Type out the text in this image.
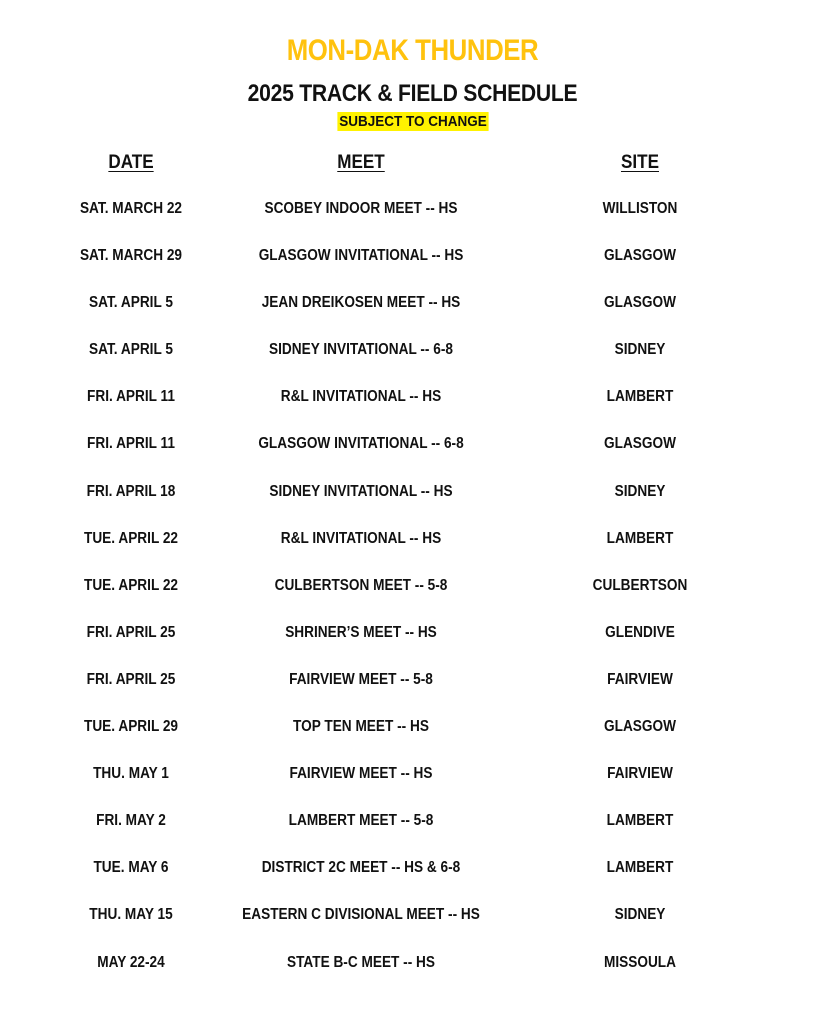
MON-DAK THUNDER
2025 TRACK & FIELD SCHEDULE
SUBJECT TO CHANGE
DATE	MEET	SITE
SAT. MARCH 22	SCOBEY INDOOR MEET -- HS	WILLISTON
SAT. MARCH 29	GLASGOW INVITATIONAL -- HS	GLASGOW
SAT. APRIL 5	JEAN DREIKOSEN MEET -- HS	GLASGOW
SAT. APRIL 5	SIDNEY INVITATIONAL -- 6-8	SIDNEY
FRI. APRIL 11	R&L INVITATIONAL -- HS	LAMBERT
FRI. APRIL 11	GLASGOW INVITATIONAL -- 6-8	GLASGOW
FRI. APRIL 18	SIDNEY INVITATIONAL -- HS	SIDNEY
TUE. APRIL 22	R&L INVITATIONAL -- HS	LAMBERT
TUE. APRIL 22	CULBERTSON MEET -- 5-8	CULBERTSON
FRI. APRIL 25	SHRINER’S MEET -- HS	GLENDIVE
FRI. APRIL 25	FAIRVIEW MEET -- 5-8	FAIRVIEW
TUE. APRIL 29	TOP TEN MEET -- HS	GLASGOW
THU. MAY 1	FAIRVIEW MEET -- HS	FAIRVIEW
FRI. MAY 2	LAMBERT MEET -- 5-8	LAMBERT
TUE. MAY 6	DISTRICT 2C MEET -- HS & 6-8	LAMBERT
THU. MAY 15	EASTERN C DIVISIONAL MEET -- HS	SIDNEY
MAY 22-24	STATE B-C MEET -- HS	MISSOULA
